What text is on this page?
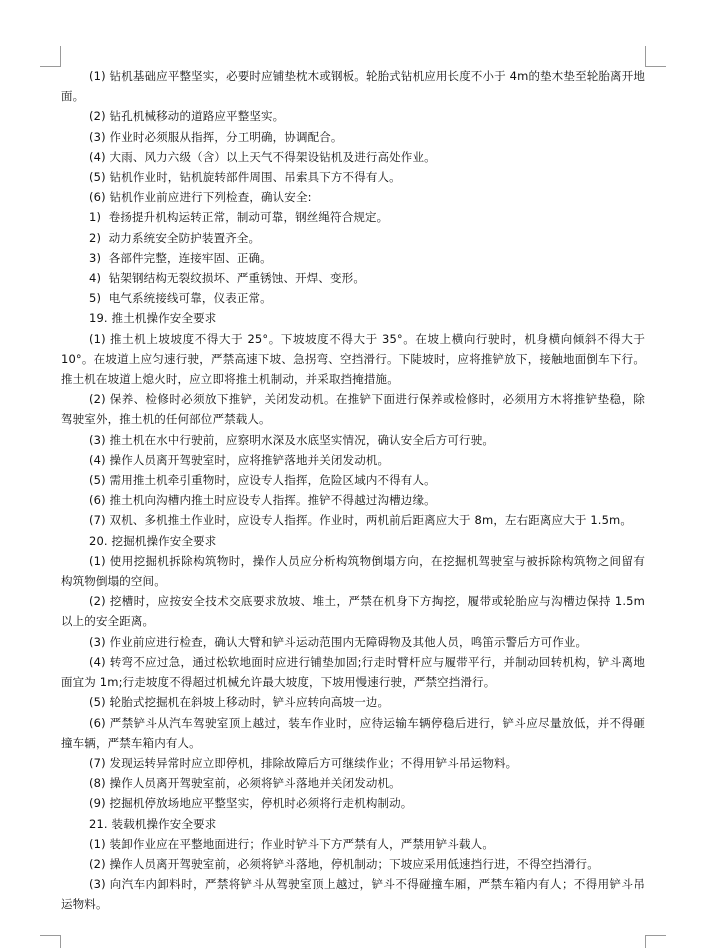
(1) 钻机基础应平整坚实，必要时应铺垫枕木或钢板。轮胎式钻机应用长度不小于 4m的垫木垫至轮胎离开地面。

(2) 钻孔机械移动的道路应平整坚实。

(3) 作业时必须服从指挥，分工明确，协调配合。

(4) 大雨、风力六级（含）以上天气不得架设钻机及进行高处作业。

(5) 钻机作业时，钻机旋转部件周围、吊索具下方不得有人。

(6) 钻机作业前应进行下列检查，确认安全:

1)  卷扬提升机构运转正常，制动可靠，钢丝绳符合规定。

2)  动力系统安全防护装置齐全。

3)  各部件完整，连接牢固、正确。

4)  钻架钢结构无裂纹损坏、严重锈蚀、开焊、变形。

5)  电气系统接线可靠，仪表正常。

19. 推土机操作安全要求

(1) 推土机上坡坡度不得大于 25°。下坡坡度不得大于 35°。在坡上横向行驶时，机身横向倾斜不得大于 10°。在坡道上应匀速行驶，严禁高速下坡、急拐弯、空挡滑行。下陡坡时，应将推铲放下，接触地面倒车下行。推土机在坡道上熄火时，应立即将推土机制动，并采取挡掩措施。

(2) 保养、检修时必须放下推铲，关闭发动机。在推铲下面进行保养或检修时，必须用方木将推铲垫稳，除驾驶室外，推土机的任何部位严禁载人。

(3) 推土机在水中行驶前，应察明水深及水底坚实情况，确认安全后方可行驶。

(4) 操作人员离开驾驶室时，应将推铲落地并关闭发动机。

(5) 需用推土机牵引重物时，应设专人指挥，危险区域内不得有人。

(6) 推土机向沟槽内推土时应设专人指挥。推铲不得越过沟槽边缘。

(7) 双机、多机推土作业时，应设专人指挥。作业时，两机前后距离应大于 8m，左右距离应大于 1.5m。

20. 挖掘机操作安全要求

(1) 使用挖掘机拆除构筑物时，操作人员应分析构筑物倒塌方向，在挖掘机驾驶室与被拆除构筑物之间留有构筑物倒塌的空间。

(2) 挖槽时，应按安全技术交底要求放坡、堆土，严禁在机身下方掏挖，履带或轮胎应与沟槽边保持 1.5m 以上的安全距离。

(3) 作业前应进行检查，确认大臂和铲斗运动范围内无障碍物及其他人员，鸣笛示警后方可作业。

(4) 转弯不应过急，通过松软地面时应进行铺垫加固;行走时臂杆应与履带平行，并制动回转机构，铲斗离地面宜为 1m;行走坡度不得超过机械允许最大坡度，下坡用慢速行驶，严禁空挡滑行。

(5) 轮胎式挖掘机在斜坡上移动时，铲斗应转向高坡一边。

(6) 严禁铲斗从汽车驾驶室顶上越过，装车作业时，应待运输车辆停稳后进行，铲斗应尽量放低，并不得砸撞车辆，严禁车箱内有人。

(7) 发现运转异常时应立即停机，排除故障后方可继续作业；不得用铲斗吊运物料。

(8) 操作人员离开驾驶室前，必须将铲斗落地并关闭发动机。

(9) 挖掘机停放场地应平整坚实，停机时必须将行走机构制动。

21. 装载机操作安全要求

(1) 装卸作业应在平整地面进行；作业时铲斗下方严禁有人，严禁用铲斗载人。

(2) 操作人员离开驾驶室前，必须将铲斗落地，停机制动；下坡应采用低速挡行进，不得空挡滑行。

(3) 向汽车内卸料时，严禁将铲斗从驾驶室顶上越过，铲斗不得碰撞车厢，严禁车箱内有人；不得用铲斗吊运物料。
